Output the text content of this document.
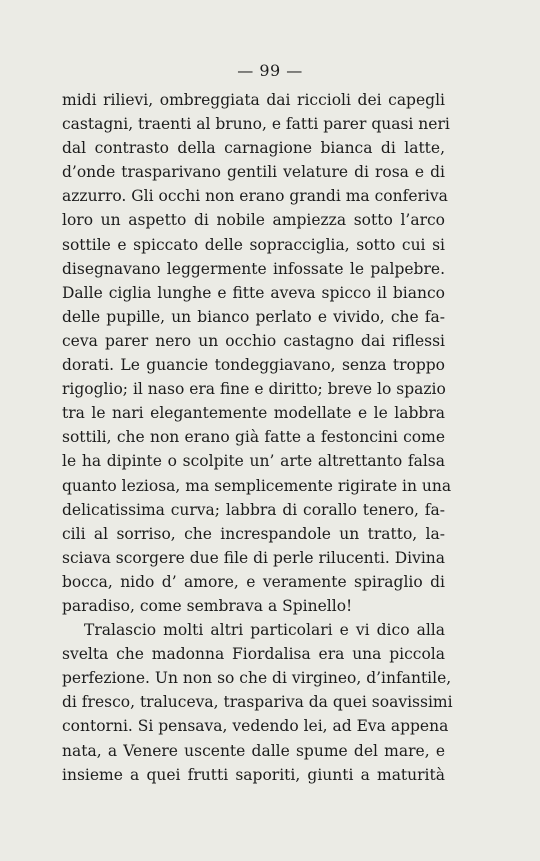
— 99 —
midi rilievi, ombreggiata dai riccioli dei capegli
castagni, traenti al bruno, e fatti parer quasi neri
dal contrasto della carnagione bianca di latte,
d’onde trasparivano gentili velature di rosa e di
azzurro. Gli occhi non erano grandi ma conferiva
loro un aspetto di nobile ampiezza sotto l’arco
sottile e spiccato delle sopracciglia, sotto cui si
disegnavano leggermente infossate le palpebre.
Dalle ciglia lunghe e fitte aveva spicco il bianco
delle pupille, un bianco perlato e vivido, che fa-
ceva parer nero un occhio castagno dai riflessi
dorati. Le guancie tondeggiavano, senza troppo
rigoglio; il naso era fine e diritto; breve lo spazio
tra le nari elegantemente modellate e le labbra
sottili, che non erano già fatte a festoncini come
le ha dipinte o scolpite un’ arte altrettanto falsa
quanto leziosa, ma semplicemente rigirate in una
delicatissima curva; labbra di corallo tenero, fa-
cili al sorriso, che increspandole un tratto, la-
sciava scorgere due file di perle rilucenti. Divina
bocca, nido d’ amore, e veramente spiraglio di
paradiso, come sembrava a Spinello!
Tralascio molti altri particolari e vi dico alla
svelta che madonna Fiordalisa era una piccola
perfezione. Un non so che di virgineo, d’infantile,
di fresco, traluceva, traspariva da quei soavissimi
contorni. Si pensava, vedendo lei, ad Eva appena
nata, a Venere uscente dalle spume del mare, e
insieme a quei frutti saporiti, giunti a maturità
